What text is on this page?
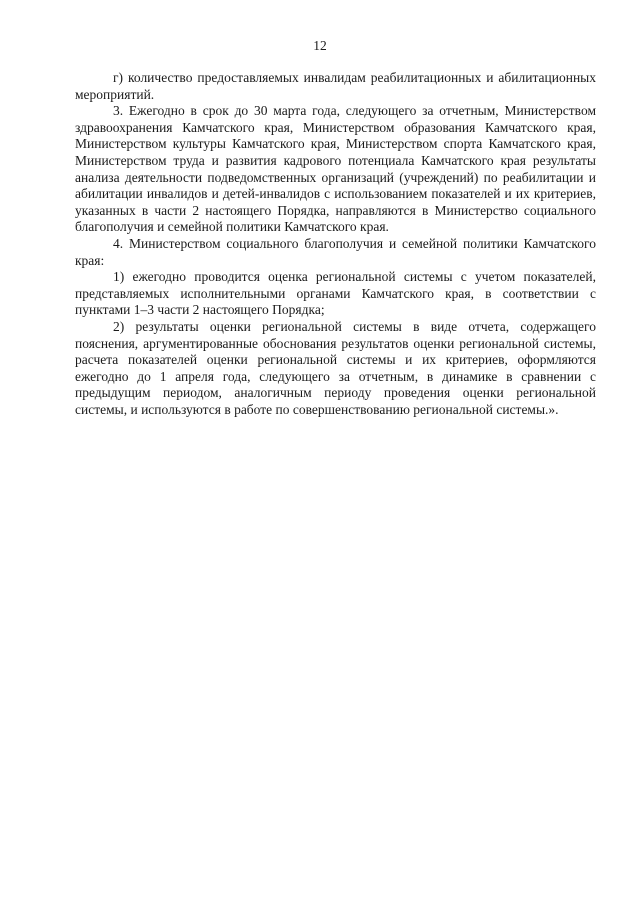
12

г) количество предоставляемых инвалидам реабилитационных и абилитационных мероприятий.

3. Ежегодно в срок до 30 марта года, следующего за отчетным, Министерством здравоохранения Камчатского края, Министерством образования Камчатского края, Министерством культуры Камчатского края, Министерством спорта Камчатского края, Министерством труда и развития кадрового потенциала Камчатского края результаты анализа деятельности подведомственных организаций (учреждений) по реабилитации и абилитации инвалидов и детей-инвалидов с использованием показателей и их критериев, указанных в части 2 настоящего Порядка, направляются в Министерство социального благополучия и семейной политики Камчатского края.

4. Министерством социального благополучия и семейной политики Камчатского края:

1) ежегодно проводится оценка региональной системы с учетом показателей, представляемых исполнительными органами Камчатского края, в соответствии с пунктами 1–3 части 2 настоящего Порядка;

2) результаты оценки региональной системы в виде отчета, содержащего пояснения, аргументированные обоснования результатов оценки региональной системы, расчета показателей оценки региональной системы и их критериев, оформляются ежегодно до 1 апреля года, следующего за отчетным, в динамике в сравнении с предыдущим периодом, аналогичным периоду проведения оценки региональной системы, и используются в работе по совершенствованию региональной системы.».
